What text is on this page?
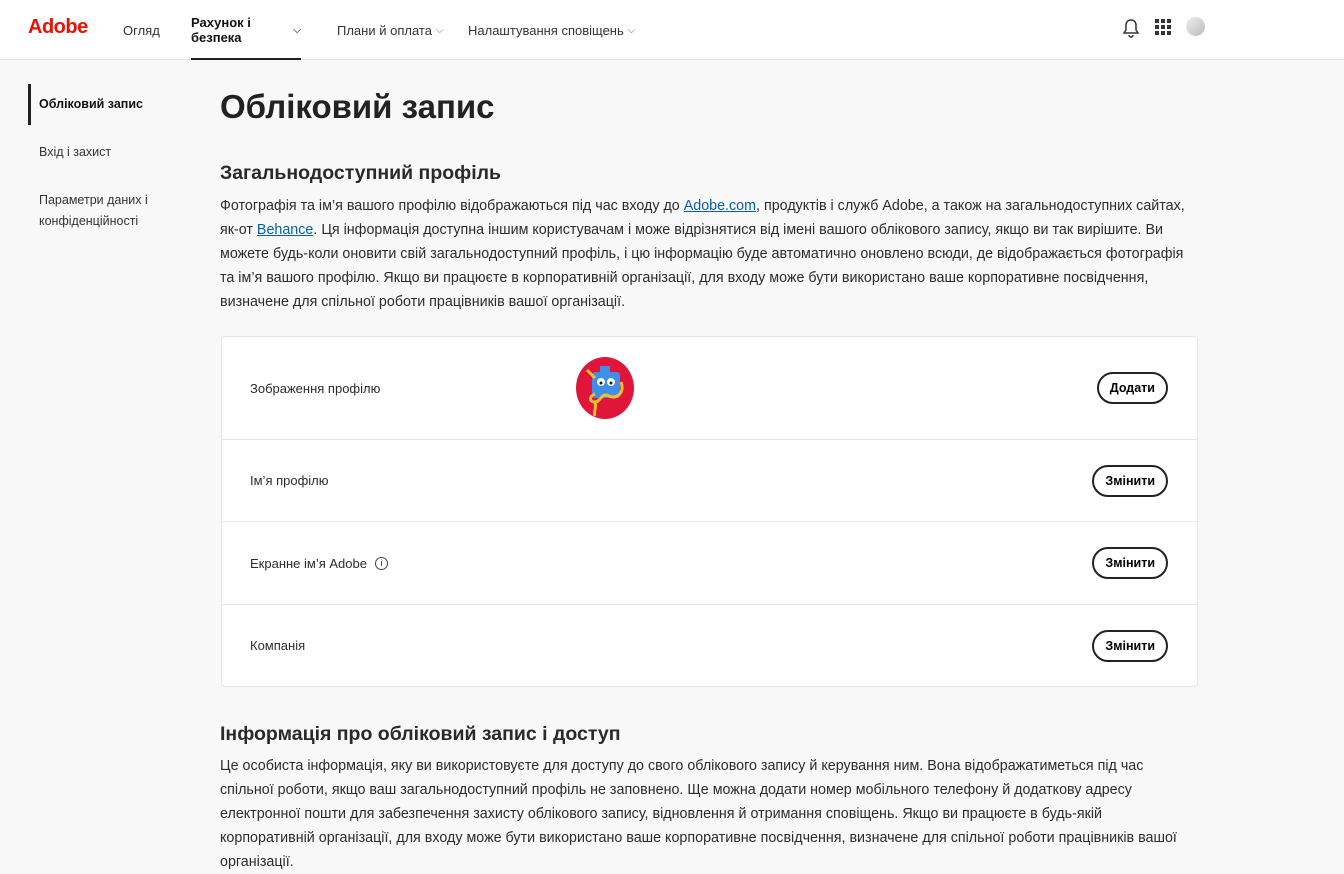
Adobe	Огляд Рахунок і безпека	⌵	Плани й оплата ⌵ Налаштування сповіщень ⌵
Обліковий запис
Вхід і захист
Параметри даних і конфіденційності
Обліковий запис
Загальнодоступний профіль
Фотографія та ім’я вашого профілю відображаються під час входу до Adobe.com, продуктів і служб Adobe, а також на загальнодоступних сайтах, як-от Behance. Ця інформація доступна іншим користувачам і може відрізнятися від імені вашого облікового запису, якщо ви так вирішите. Ви можете будь-коли оновити свій загальнодоступний профіль, і цю інформацію буде автоматично оновлено всюди, де відображається фотографія та ім’я вашого профілю. Якщо ви працюєте в корпоративній організації, для входу може бути використано ваше корпоративне посвідчення, визначене для спільної роботи працівників вашої організації.
Зображення профілю	Додати
Ім’я профілю	Змінити
Екранне ім’я Adobe	i	Змінити
Компанія	Змінити
Інформація про обліковий запис і доступ
Це особиста інформація, яку ви використовуєте для доступу до свого облікового запису й керування ним. Вона відображатиметься під час спільної роботи, якщо ваш загальнодоступний профіль не заповнено. Ще можна додати номер мобільного телефону й додаткову адресу електронної пошти для забезпечення захисту облікового запису, відновлення й отримання сповіщень. Якщо ви працюєте в будь-якій корпоративній організації, для входу може бути використано ваше корпоративне посвідчення, визначене для спільної роботи працівників вашої організації.
